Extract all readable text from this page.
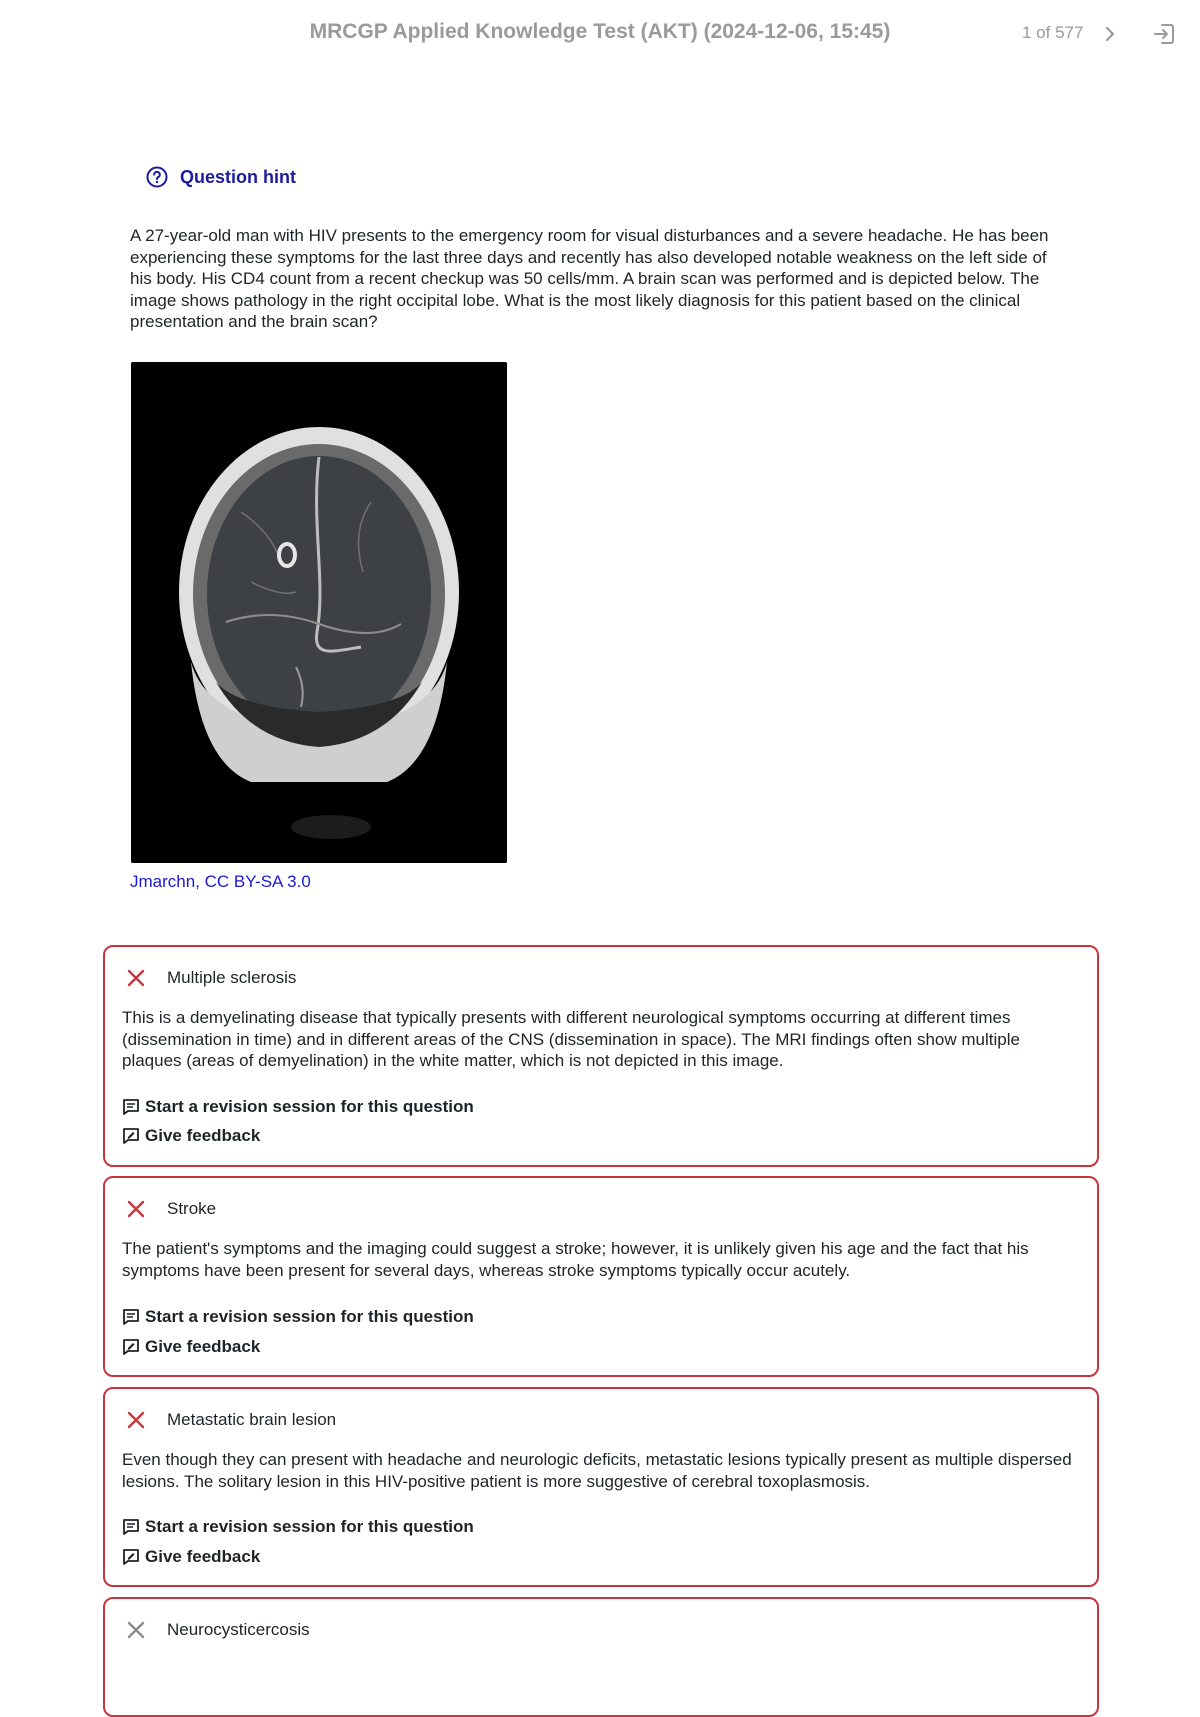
MRCGP Applied Knowledge Test (AKT) (2024-12-06, 15:45)	1 of 577
Question hint

A 27-year-old man with HIV presents to the emergency room for visual disturbances and a severe headache. He has been experiencing these symptoms for the last three days and recently has also developed notable weakness on the left side of his body. His CD4 count from a recent checkup was 50 cells/mm. A brain scan was performed and is depicted below. The image shows pathology in the right occipital lobe. What is the most likely diagnosis for this patient based on the clinical presentation and the brain scan?

Jmarchn, CC BY-SA 3.0
Multiple sclerosis

This is a demyelinating disease that typically presents with different neurological symptoms occurring at different times (dissemination in time) and in different areas of the CNS (dissemination in space). The MRI findings often show multiple plaques (areas of demyelination) in the white matter, which is not depicted in this image.

Start a revision session for this question
Give feedback
Stroke

The patient's symptoms and the imaging could suggest a stroke; however, it is unlikely given his age and the fact that his symptoms have been present for several days, whereas stroke symptoms typically occur acutely.

Start a revision session for this question
Give feedback
Metastatic brain lesion

Even though they can present with headache and neurologic deficits, metastatic lesions typically present as multiple dispersed lesions. The solitary lesion in this HIV-positive patient is more suggestive of cerebral toxoplasmosis.

Start a revision session for this question
Give feedback
Neurocysticercosis
